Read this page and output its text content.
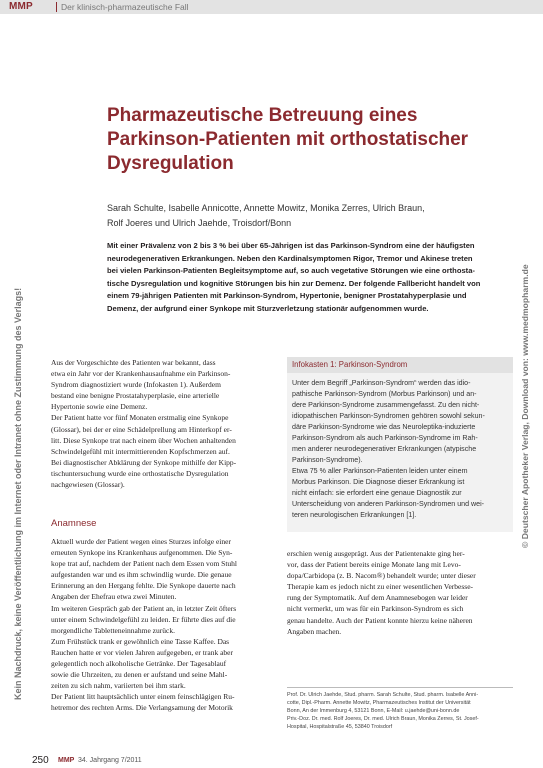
MMP	Der klinisch-pharmazeutische Fall
Pharmazeutische Betreuung eines
Parkinson-Patienten mit orthostatischer
Dysregulation
Sarah Schulte, Isabelle Annicotte, Annette Mowitz, Monika Zerres, Ulrich Braun,
Rolf Joeres und Ulrich Jaehde, Troisdorf/Bonn
Mit einer Prävalenz von 2 bis 3 % bei über 65-Jährigen ist das Parkinson-Syndrom eine der häufigsten
neurodegenerativen Erkrankungen. Neben den Kardinalsymptomen Rigor, Tremor und Akinese treten
bei vielen Parkinson-Patienten Begleitsymptome auf, so auch vegetative Störungen wie eine orthosta-
tische Dysregulation und kognitive Störungen bis hin zur Demenz. Der folgende Fallbericht handelt von
einem 79-jährigen Patienten mit Parkinson-Syndrom, Hypertonie, benigner Prostatahyperplasie und
Demenz, der aufgrund einer Synkope mit Sturzverletzung stationär aufgenommen wurde.
Aus der Vorgeschichte des Patienten war bekannt, dass
etwa ein Jahr vor der Krankenhausaufnahme ein Parkinson-
Syndrom diagnostiziert wurde (Infokasten 1). Außerdem
bestand eine benigne Prostatahyperplasie, eine arterielle
Hypertonie sowie eine Demenz.
Der Patient hatte vor fünf Monaten erstmalig eine Synkope
(Glossar), bei der er eine Schädelprellung am Hinterkopf er-
litt. Diese Synkope trat nach einem über Wochen anhaltenden
Schwindelgefühl mit intermittierenden Kopfschmerzen auf.
Bei diagnostischer Abklärung der Synkope mithilfe der Kipp-
tischuntersuchung wurde eine orthostatische Dysregulation
nachgewiesen (Glossar).
Anamnese
Aktuell wurde der Patient wegen eines Sturzes infolge einer
erneuten Synkope ins Krankenhaus aufgenommen. Die Syn-
kope trat auf, nachdem der Patient nach dem Essen vom Stuhl
aufgestanden war und es ihm schwindlig wurde. Die genaue
Erinnerung an den Hergang fehlte. Die Synkope dauerte nach
Angaben der Ehefrau etwa zwei Minuten.
Im weiteren Gespräch gab der Patient an, in letzter Zeit öfters
unter einem Schwindelgefühl zu leiden. Er führte dies auf die
morgendliche Tabletteneinnahme zurück.
Zum Frühstück trank er gewöhnlich eine Tasse Kaffee. Das
Rauchen hatte er vor vielen Jahren aufgegeben, er trank aber
gelegentlich noch alkoholische Getränke. Der Tagesablauf
sowie die Uhrzeiten, zu denen er aufstand und seine Mahl-
zeiten zu sich nahm, variierten bei ihm stark.
Der Patient litt hauptsächlich unter einem feinschlägigen Ru-
hetremor des rechten Arms. Die Verlangsamung der Motorik
Infokasten 1: Parkinson-Syndrom
Unter dem Begriff „Parkinson-Syndrom“ werden das idio-
pathische Parkinson-Syndrom (Morbus Parkinson) und an-
dere Parkinson-Syndrome zusammengefasst. Zu den nicht-
idiopathischen Parkinson-Syndromen gehören sowohl sekun-
däre Parkinson-Syndrome wie das Neuroleptika-induzierte
Parkinson-Syndrom als auch Parkinson-Syndrome im Rah-
men anderer neurodegenerativer Erkrankungen (atypische
Parkinson-Syndrome).
Etwa 75 % aller Parkinson-Patienten leiden unter einem
Morbus Parkinson. Die Diagnose dieser Erkrankung ist
nicht einfach: sie erfordert eine genaue Diagnostik zur
Unterscheidung von anderen Parkinson-Syndromen und wei-
teren neurologischen Erkrankungen [1].
erschien wenig ausgeprägt. Aus der Patientenakte ging her-
vor, dass der Patient bereits einige Monate lang mit Levo-
dopa/Carbidopa (z. B. Nacom®) behandelt wurde; unter dieser
Therapie kam es jedoch nicht zu einer wesentlichen Verbesse-
rung der Symptomatik. Auf dem Anamnesebogen war leider
nicht vermerkt, um was für ein Parkinson-Syndrom es sich
genau handelte. Auch der Patient konnte hierzu keine näheren
Angaben machen.
Prof. Dr. Ulrich Jaehde, Stud. pharm. Sarah Schulte, Stud. pharm. Isabelle Anni-
cotte, Dipl.-Pharm. Annette Mowitz, Pharmazeutisches Institut der Universität
Bonn, An der Immenburg 4, 53121 Bonn, E-Mail: u.jaehde@uni-bonn.de
Priv.-Doz. Dr. med. Rolf Joeres, Dr. med. Ulrich Braun, Monika Zerres, St. Josef-
Hospital, Hospitalstraße 45, 53840 Troisdorf
Kein Nachdruck, keine Veröffentlichung im Internet oder Intranet ohne Zustimmung des Verlags!	© Deutscher Apotheker Verlag, Download von: www.medmopharm.de
250 MMP 34. Jahrgang 7/2011
